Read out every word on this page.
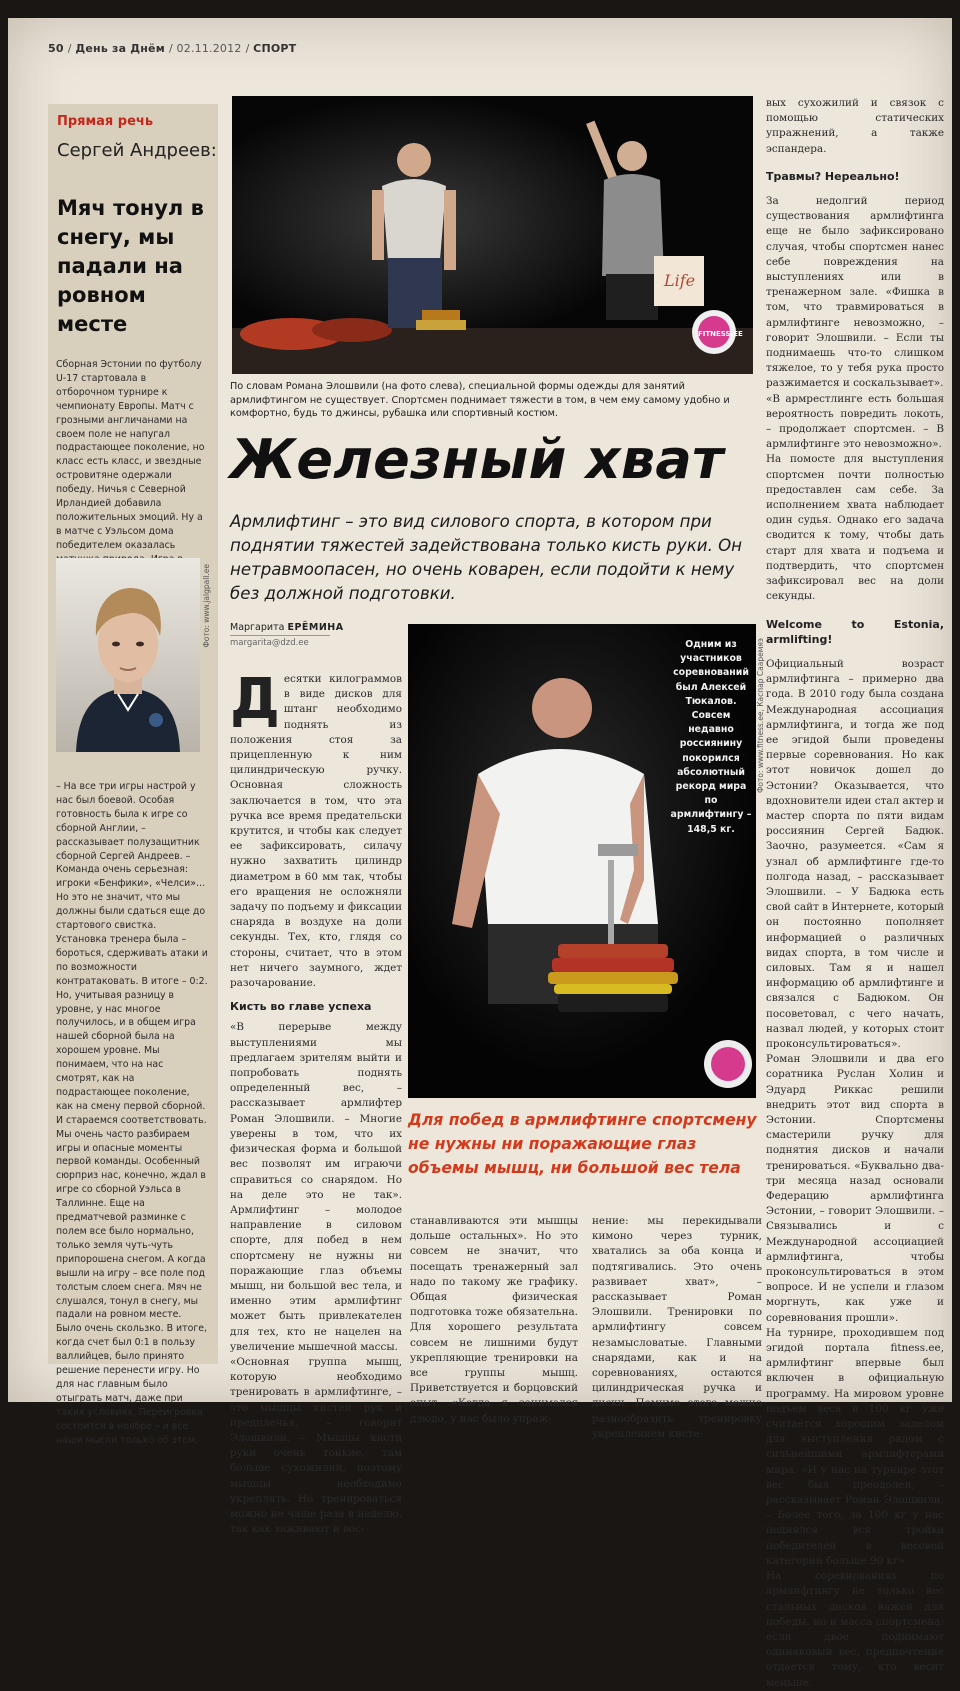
50 / День за Днём / 02.11.2012 / СПОРТ
Прямая речь
Сергей Андреев:
Мяч тонул в снегу, мы падали на ровном месте
Сборная Эстонии по футболу U-17 стартовала в отборочном турнире к чемпионату Европы. Матч с грозными англичанами на своем поле не напугал подрастающее поколение, но класс есть класс, и звездные островитяне одержали победу. Ничья с Северной Ирландией добавила положительных эмоций. Ну а в матче с Уэльсом дома победителем оказалась
Фото: www.jalgpall.ee
– На все три игры настрой у нас был боевой. Особая готовность была к игре со сборной Англии, – рассказывает полузащитник сборной Сергей Андреев. – Команда очень серьезная: игроки «Бенфики», «Челси»... Но это не значит, что мы должны были сдаться еще до стартового свистка. Установка тренера была – бороться, сдерживать атаки и по возможности контратаковать. В итоге – 0:2. Но, учитывая разницу в уровне, у нас многое получилось, и в общем игра нашей сборной была на хорошем уровне. Мы понимаем, что на нас смотрят, как на подрастающее поколение, как на смену первой сборной. И стараемся соответствовать. Мы очень часто разбираем игры и опасные моменты первой команды. Особенный сюрприз нас, конечно, ждал в игре со сборной Уэльса в Таллинне. Еще на предматчевой разминке с полем все было нормально, только земля чуть-чуть припорошена снегом. А когда вышли на игру – все поле под толстым слоем снега. Мяч не слушался, тонул в снегу, мы падали на ровном месте. Было очень скользко. В итоге, когда счет был 0:1 в пользу валлийцев, было принято решение перенести игру. Но для нас главным было отыграть матч, даже при таких условиях. Переигровка состоится в ноябре – и все наши мысли только об этом.
Life
FITNESS.EE
По словам Романа Элошвили (на фото слева), специальной формы одежды для занятий армлифтингом не существует. Спортсмен поднимает тяжести в том, в чем ему самому удобно и комфортно, будь то джинсы, рубашка или спортивный костюм.
Железный хват
Армлифтинг – это вид силового спорта, в котором при поднятии тяжестей задействована только кисть руки. Он нетравмоопасен, но очень коварен, если подойти к нему без должной подготовки.
Маргарита ЕРЁМИНА
margarita@dzd.ee

Десятки килограммов в виде дисков для штанг необходимо поднять из положения стоя за прицепленную к ним цилиндрическую ручку. Основная сложность заключается в том, что эта ручка все время предательски крутится, и чтобы как следует ее зафиксировать, силачу нужно захватить цилиндр диаметром в 60 мм так, чтобы его вращения не осложняли задачу по подъему и фиксации снаряда в воздухе на доли секунды. Тех, кто, глядя со стороны, считает, что в этом нет ничего заумного, ждет разочарование.

Кисть во главе успеха

«В перерыве между выступлениями мы предлагаем зрителям выйти и попробовать поднять определенный вес, – рассказывает армлифтер Роман Элошвили. – Многие уверены в том, что их физическая форма и большой вес позволят им играючи справиться со снарядом. Но на деле это не так». Армлифтинг – молодое направление в силовом спорте, для побед в нем спортсмену не нужны ни поражающие глаз объемы мышц, ни большой вес тела, и именно этим армлифтинг может быть привлекателен для тех, кто не нацелен на увеличение мышечной массы.

«Основная группа мышц, которую необходимо тренировать в армлифтинге, – это мышцы кистей рук и предплечья, – говорит Элошвили. – Мышцы кисти руки очень тонкие, там больше сухожилий, поэтому мышцы необходимо укреплять. Но тренироваться можно не чаще раза в неделю, так как заживают и вос-

Одним из участников соревнований был Алексей Тюкалов. Совсем недавно россиянину покорился абсолютный рекорд мира по армлифтингу – 148,5 кг.
Фото: www.fitness.ee, Каспар Сааремяэ
Для побед в армлифтинге спортсмену не нужны ни поражающие глаз объемы мышц, ни большой вес тела
станавливаются эти мышцы дольше остальных». Но это совсем не значит, что посещать тренажерный зал надо по такому же графику. Общая физическая подготовка тоже обязательна. Для хорошего результата совсем не лишними будут укрепляющие тренировки на все группы мышц. Приветствуется и борцовский опыт. «Когда я занимался дзюдо, у нас было упраж-
нение: мы перекидывали кимоно через турник, хватались за оба конца и подтягивались. Это очень развивает хват», – рассказывает Роман Элошвили. Тренировки по армлифтингу совсем незамысловатые. Главными снарядами, как и на соревнованиях, остаются цилиндрическая ручка и диски. Помимо этого можно разнообразить тренировку укреплением кисте-

вых сухожилий и связок с помощью статических упражнений, а также эспандера.

Травмы? Нереально!

За недолгий период существования армлифтинга еще не было зафиксировано случая, чтобы спортсмен нанес себе повреждения на выступлениях или в тренажерном зале. «Фишка в том, что травмироваться в армлифтинге невозможно, – говорит Элошвили. – Если ты поднимаешь что-то слишком тяжелое, то у тебя рука просто разжимается и соскальзывает».

«В армрестлинге есть большая вероятность повредить локоть, – продолжает спортсмен. – В армлифтинге это невозможно».

На помосте для выступления спортсмен почти полностью предоставлен сам себе. За исполнением хвата наблюдает один судья. Однако его задача сводится к тому, чтобы дать старт для хвата и подъема и подтвердить, что спортсмен зафиксировал вес на доли секунды.

Welcome to Estonia, armlifting!

Официальный возраст армлифтинга – примерно два года. В 2010 году была создана Международная ассоциация армлифтинга, и тогда же под ее эгидой были проведены первые соревнования. Но как этот новичок дошел до Эстонии? Оказывается, что вдохновители идеи стал актер и мастер спорта по пяти видам россиянин Сергей Бадюк. Заочно, разумеется. «Сам я узнал об армлифтинге где-то полгода назад, – рассказывает Элошвили. – У Бадюка есть свой сайт в Интернете, который он постоянно пополняет информацией о различных видах спорта, в том числе и силовых. Там я и нашел информацию об армлифтинге и связался с Бадюком. Он посоветовал, с чего начать, назвал людей, у которых стоит проконсультироваться».

Роман Элошвили и два его соратника Руслан Холин и Эдуард Риккас решили внедрить этот вид спорта в Эстонии. Спортсмены смастерили ручку для поднятия дисков и начали тренироваться. «Буквально два-три месяца назад основали Федерацию армлифтинга Эстонии, – говорит Элошвили. – Связывались и с Международной ассоциацией армлифтинга, чтобы проконсультироваться в этом вопросе. И не успели и глазом моргнуть, как уже и соревнования прошли».

На турнире, проходившем под эгидой портала fitness.ee, армлифтинг впервые был включен в официальную программу. На мировом уровне подъем веса в 100 кг уже считается хорошим заделом для выступления рядом с сильнейшими армлифтерами мира. «И у нас на турнире этот вес был преодолен, – рассказывает Роман Элошвили. – Более того, за 100 кг у нас поднялся вся тройка победителей в весовой категории больше 90 кг».

На соревнованиях по армлифтингу не только вес стальных дисков важен для победы, но и масса спортсмена: если двое поднимают одинаковый вес, предпочтение отдается тому, кто весит меньше.
